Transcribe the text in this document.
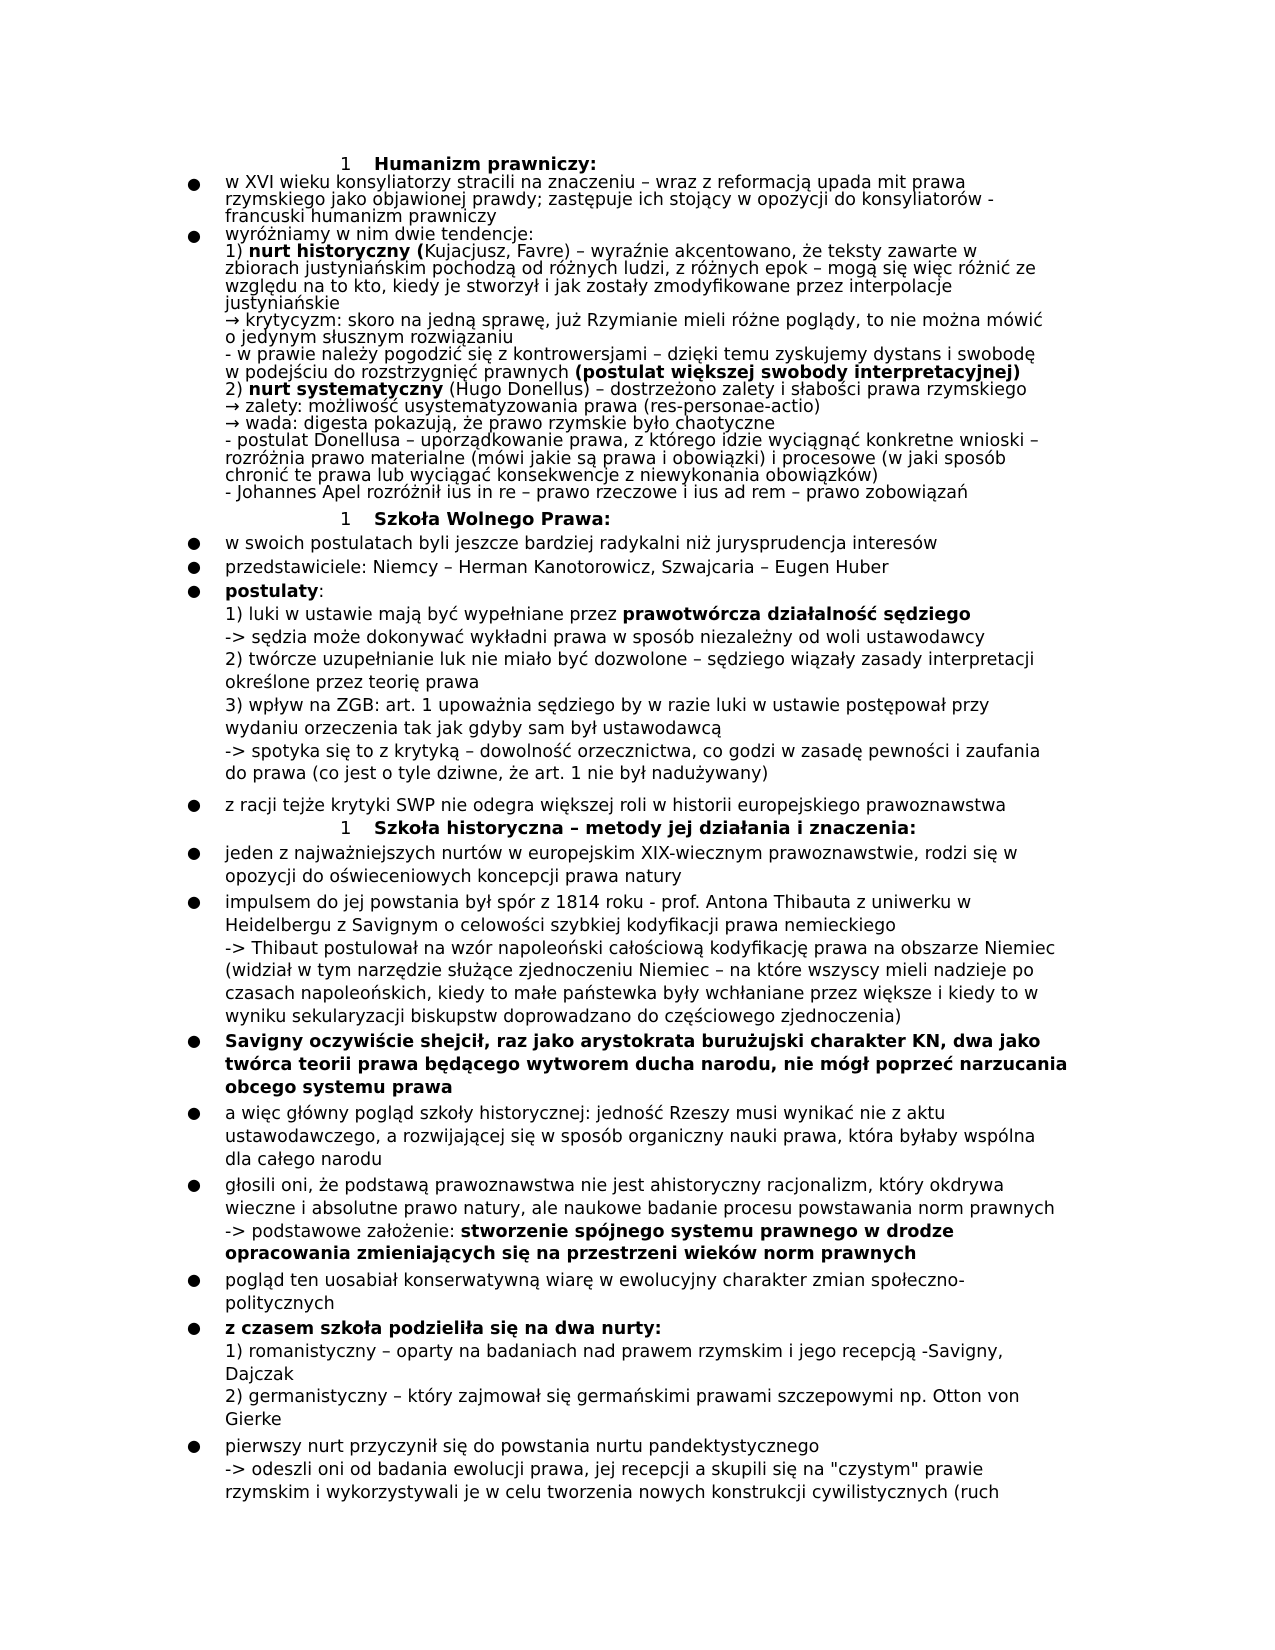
1 Humanizm prawniczy:
● w XVI wieku konsyliatorzy stracili na znaczeniu – wraz z reformacją upada mit prawa
rzymskiego jako objawionej prawdy; zastępuje ich stojący w opozycji do konsyliatorów -
francuski humanizm prawniczy
● wyróżniamy w nim dwie tendencje:
1) nurt historyczny (Kujacjusz, Favre) – wyraźnie akcentowano, że teksty zawarte w
zbiorach justyniańskim pochodzą od różnych ludzi, z różnych epok – mogą się więc różnić ze
względu na to kto, kiedy je stworzył i jak zostały zmodyfikowane przez interpolacje
justyniańskie
→ krytycyzm: skoro na jedną sprawę, już Rzymianie mieli różne poglądy, to nie można mówić
o jedynym słusznym rozwiązaniu
- w prawie należy pogodzić się z kontrowersjami – dzięki temu zyskujemy dystans i swobodę
w podejściu do rozstrzygnięć prawnych (postulat większej swobody interpretacyjnej)
2) nurt systematyczny (Hugo Donellus) – dostrzeżono zalety i słabości prawa rzymskiego
→ zalety: możliwość usystematyzowania prawa (res-personae-actio)
→ wada: digesta pokazują, że prawo rzymskie było chaotyczne
- postulat Donellusa – uporządkowanie prawa, z którego idzie wyciągnąć konkretne wnioski –
rozróżnia prawo materialne (mówi jakie są prawa i obowiązki) i procesowe (w jaki sposób
chronić te prawa lub wyciągać konsekwencje z niewykonania obowiązków)
- Johannes Apel rozróżnił ius in re – prawo rzeczowe i ius ad rem – prawo zobowiązań
1 Szkoła Wolnego Prawa:
● w swoich postulatach byli jeszcze bardziej radykalni niż jurysprudencja interesów
● przedstawiciele: Niemcy – Herman Kanotorowicz, Szwajcaria – Eugen Huber
● postulaty:
1) luki w ustawie mają być wypełniane przez prawotwórcza działalność sędziego
-> sędzia może dokonywać wykładni prawa w sposób niezależny od woli ustawodawcy
2) twórcze uzupełnianie luk nie miało być dozwolone – sędziego wiązały zasady interpretacji
określone przez teorię prawa
3) wpływ na ZGB: art. 1 upoważnia sędziego by w razie luki w ustawie postępował przy
wydaniu orzeczenia tak jak gdyby sam był ustawodawcą
-> spotyka się to z krytyką – dowolność orzecznictwa, co godzi w zasadę pewności i zaufania
do prawa (co jest o tyle dziwne, że art. 1 nie był nadużywany)
● z racji tejże krytyki SWP nie odegra większej roli w historii europejskiego prawoznawstwa
1 Szkoła historyczna – metody jej działania i znaczenia:
● jeden z najważniejszych nurtów w europejskim XIX-wiecznym prawoznawstwie, rodzi się w
opozycji do oświeceniowych koncepcji prawa natury
● impulsem do jej powstania był spór z 1814 roku - prof. Antona Thibauta z uniwerku w
Heidelbergu z Savignym o celowości szybkiej kodyfikacji prawa nemieckiego
-> Thibaut postulował na wzór napoleoński całościową kodyfikację prawa na obszarze Niemiec
(widział w tym narzędzie służące zjednoczeniu Niemiec – na które wszyscy mieli nadzieje po
czasach napoleońskich, kiedy to małe państewka były wchłaniane przez większe i kiedy to w
wyniku sekularyzacji biskupstw doprowadzano do częściowego zjednoczenia)
● Savigny oczywiście shejcił, raz jako arystokrata burużujski charakter KN, dwa jako
twórca teorii prawa będącego wytworem ducha narodu, nie mógł poprzeć narzucania
obcego systemu prawa
● a więc główny pogląd szkoły historycznej: jedność Rzeszy musi wynikać nie z aktu
ustawodawczego, a rozwijającej się w sposób organiczny nauki prawa, która byłaby wspólna
dla całego narodu
● głosili oni, że podstawą prawoznawstwa nie jest ahistoryczny racjonalizm, który okdrywa
wieczne i absolutne prawo natury, ale naukowe badanie procesu powstawania norm prawnych
-> podstawowe założenie: stworzenie spójnego systemu prawnego w drodze
opracowania zmieniających się na przestrzeni wieków norm prawnych
● pogląd ten uosabiał konserwatywną wiarę w ewolucyjny charakter zmian społeczno-
politycznych
● z czasem szkoła podzieliła się na dwa nurty:
1) romanistyczny – oparty na badaniach nad prawem rzymskim i jego recepcją -Savigny,
Dajczak
2) germanistyczny – który zajmował się germańskimi prawami szczepowymi np. Otton von
Gierke
● pierwszy nurt przyczynił się do powstania nurtu pandektystycznego
-> odeszli oni od badania ewolucji prawa, jej recepcji a skupili się na "czystym" prawie
rzymskim i wykorzystywali je w celu tworzenia nowych konstrukcji cywilistycznych (ruch
